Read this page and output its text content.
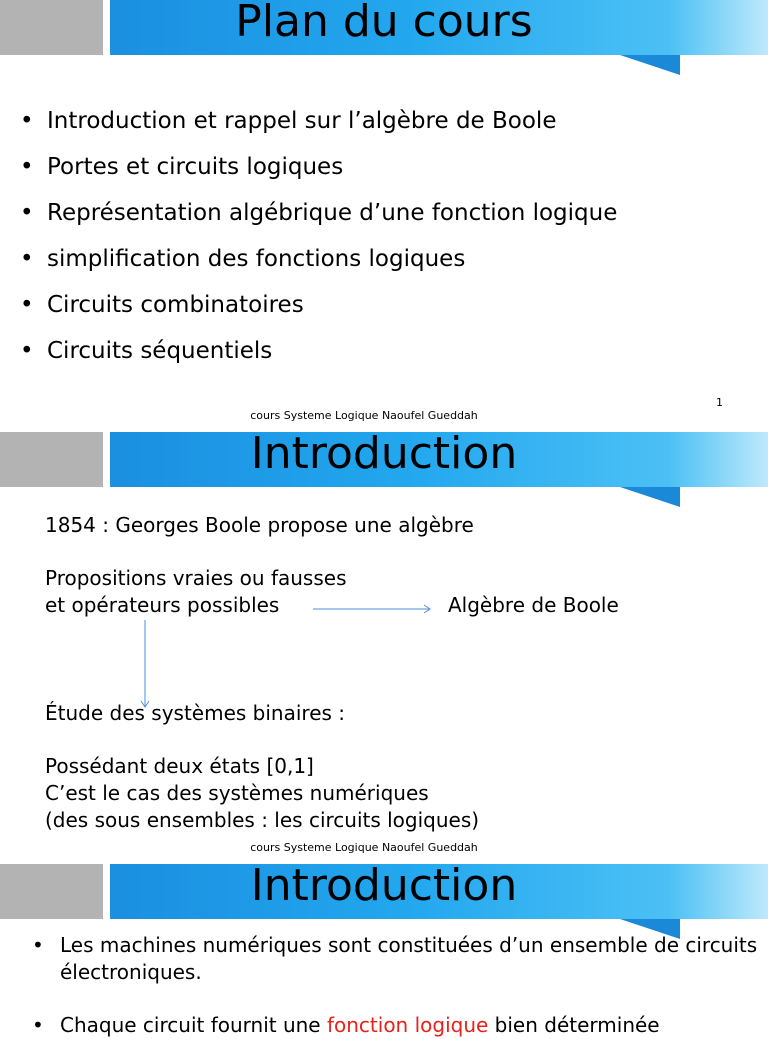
Plan du cours
• Introduction et rappel sur l’algèbre de Boole
• Portes et circuits logiques
• Représentation algébrique d’une fonction logique
• simplification des fonctions logiques
• Circuits combinatoires
• Circuits séquentiels
1
cours Systeme Logique Naoufel Gueddah
Introduction
1854 : Georges Boole propose une algèbre
Propositions vraies ou fausses
et opérateurs possibles	Algèbre de Boole
Étude des systèmes binaires :
Possédant deux états [0,1]
C’est le cas des systèmes numériques
(des sous ensembles : les circuits logiques)
cours Systeme Logique Naoufel Gueddah
Introduction
• Les machines numériques sont constituées d’un ensemble de circuits électroniques.
• Chaque circuit fournit une fonction logique bien déterminée
